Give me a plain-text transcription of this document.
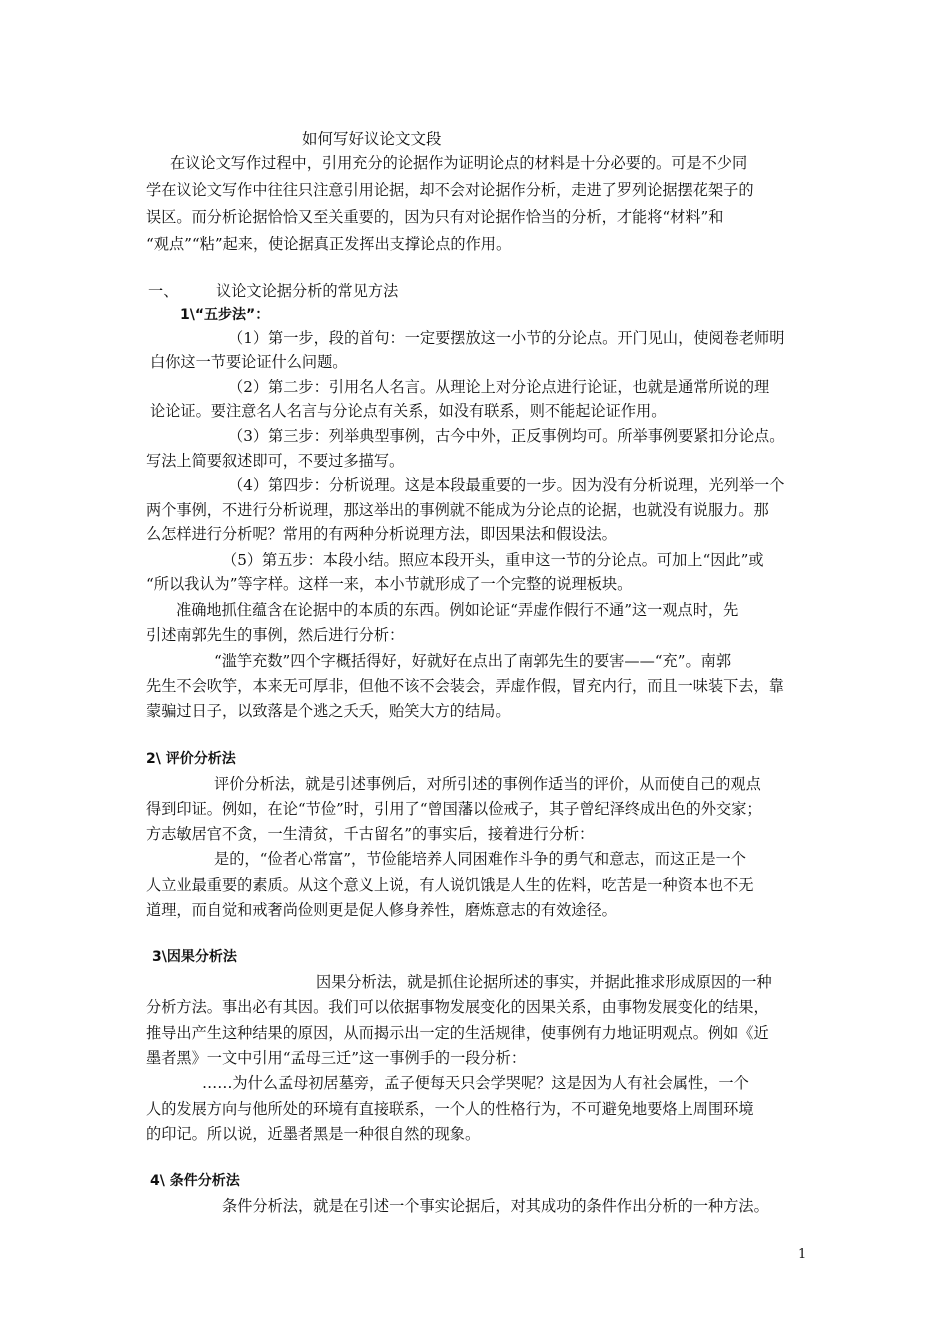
如何写好议论文文段
在议论文写作过程中，引用充分的论据作为证明论点的材料是十分必要的。可是不少同
学在议论文写作中往往只注意引用论据，却不会对论据作分析，走进了罗列论据摆花架子的
误区。而分析论据恰恰又至关重要的，因为只有对论据作恰当的分析，才能将“材料”和
“观点”“粘”起来，使论据真正发挥出支撑论点的作用。
一、 议论文论据分析的常见方法
1\“五步法”：
（1）第一步，段的首句：一定要摆放这一小节的分论点。开门见山，使阅卷老师明
白你这一节要论证什么问题。
（2）第二步：引用名人名言。从理论上对分论点进行论证，也就是通常所说的理
论论证。要注意名人名言与分论点有关系，如没有联系，则不能起论证作用。
（3）第三步：列举典型事例，古今中外，正反事例均可。所举事例要紧扣分论点。
写法上简要叙述即可，不要过多描写。
（4）第四步：分析说理。这是本段最重要的一步。因为没有分析说理，光列举一个
两个事例，不进行分析说理，那这举出的事例就不能成为分论点的论据，也就没有说服力。那
么怎样进行分析呢？常用的有两种分析说理方法，即因果法和假设法。
（5）第五步：本段小结。照应本段开头，重申这一节的分论点。可加上“因此”或
“所以我认为”等字样。这样一来，本小节就形成了一个完整的说理板块。
准确地抓住蕴含在论据中的本质的东西。例如论证“弄虚作假行不通”这一观点时，先
引述南郭先生的事例，然后进行分析：
“滥竽充数”四个字概括得好，好就好在点出了南郭先生的要害——“充”。南郭
先生不会吹竽，本来无可厚非，但他不该不会装会，弄虚作假，冒充内行，而且一味装下去，靠
蒙骗过日子，以致落是个逃之夭夭，贻笑大方的结局。
2\ 评价分析法
评价分析法，就是引述事例后，对所引述的事例作适当的评价，从而使自己的观点
得到印证。例如，在论“节俭”时，引用了“曾国藩以俭戒子，其子曾纪泽终成出色的外交家；
方志敏居官不贪，一生清贫，千古留名”的事实后，接着进行分析：
是的，“俭者心常富”，节俭能培养人同困难作斗争的勇气和意志，而这正是一个
人立业最重要的素质。从这个意义上说，有人说饥饿是人生的佐料，吃苦是一种资本也不无
道理，而自觉和戒奢尚俭则更是促人修身养性，磨炼意志的有效途径。
3\因果分析法
因果分析法，就是抓住论据所述的事实，并据此推求形成原因的一种
分析方法。事出必有其因。我们可以依据事物发展变化的因果关系，由事物发展变化的结果，
推导出产生这种结果的原因，从而揭示出一定的生活规律，使事例有力地证明观点。例如《近
墨者黑》一文中引用“孟母三迁”这一事例手的一段分析：
……为什么孟母初居墓旁，孟子便每天只会学哭呢？这是因为人有社会属性，一个
人的发展方向与他所处的环境有直接联系，一个人的性格行为，不可避免地要烙上周围环境
的印记。所以说，近墨者黑是一种很自然的现象。
4\ 条件分析法
条件分析法，就是在引述一个事实论据后，对其成功的条件作出分析的一种方法。
1
